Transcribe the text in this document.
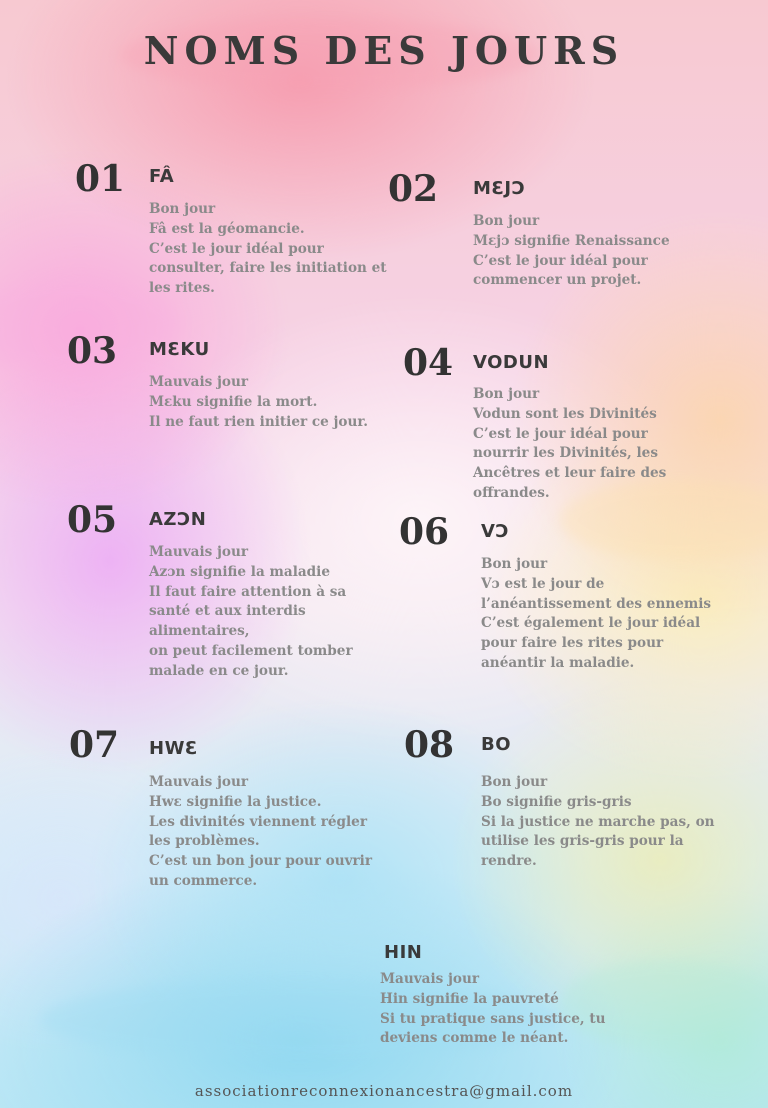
NOMS DES JOURS
01 FÂ
Bon jour
Fâ est la géomancie.
C’est le jour idéal pour
consulter, faire les initiation et
les rites.
02 MƐJƆ
Bon jour
Mɛjɔ signifie Renaissance
C’est le jour idéal pour
commencer un projet.
03 MƐKU
Mauvais jour
Mɛku signifie la mort.
Il ne faut rien initier ce jour.
04 VODUN
Bon jour
Vodun sont les Divinités
C’est le jour idéal pour
nourrir les Divinités, les
Ancêtres et leur faire des
offrandes.
05 AZƆN
Mauvais jour
Azɔn signifie la maladie
Il faut faire attention à sa
santé et aux interdis
alimentaires,
on peut facilement tomber
malade en ce jour.
06 VƆ
Bon jour
Vɔ est le jour de
l’anéantissement des ennemis
C’est également le jour idéal
pour faire les rites pour
anéantir la maladie.
07 HWƐ
Mauvais jour
Hwɛ signifie la justice.
Les divinités viennent régler
les problèmes.
C’est un bon jour pour ouvrir
un commerce.
08 BO
Bon jour
Bo signifie gris-gris
Si la justice ne marche pas, on
utilise les gris-gris pour la
rendre.
HIN
Mauvais jour
Hin signifie la pauvreté
Si tu pratique sans justice, tu
deviens comme le néant.
associationreconnexionancestra@gmail.com
